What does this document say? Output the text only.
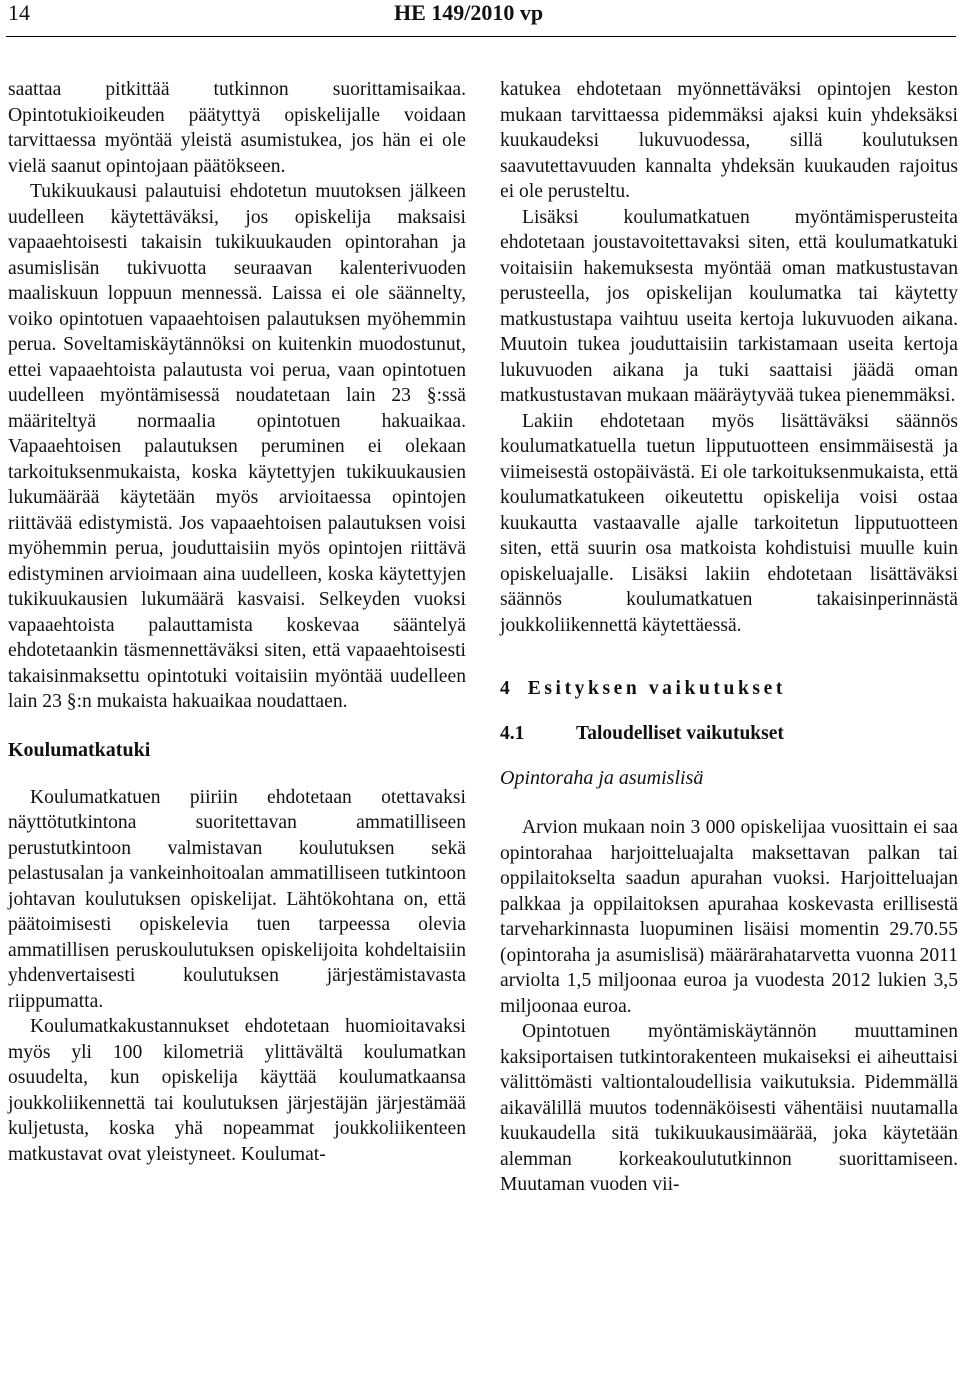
14	HE 149/2010 vp

saattaa pitkittää tutkinnon suorittamisaikaa. Opintotukioikeuden päätyttyä opiskelijalle voidaan tarvittaessa myöntää yleistä asumistukea, jos hän ei ole vielä saanut opintojaan päätökseen.

Tukikuukausi palautuisi ehdotetun muutoksen jälkeen uudelleen käytettäväksi, jos opiskelija maksaisi vapaaehtoisesti takaisin tukikuukauden opintorahan ja asumislisän tukivuotta seuraavan kalenterivuoden maaliskuun loppuun mennessä. Laissa ei ole säännelty, voiko opintotuen vapaaehtoisen palautuksen myöhemmin perua. Soveltamiskäytännöksi on kuitenkin muodostunut, ettei vapaaehtoista palautusta voi perua, vaan opintotuen uudelleen myöntämisessä noudatetaan lain 23 §:ssä määriteltyä normaalia opintotuen hakuaikaa. Vapaaehtoisen palautuksen peruminen ei olekaan tarkoituksenmukaista, koska käytettyjen tukikuukausien lukumäärää käytetään myös arvioitaessa opintojen riittävää edistymistä. Jos vapaaehtoisen palautuksen voisi myöhemmin perua, jouduttaisiin myös opintojen riittävä edistyminen arvioimaan aina uudelleen, koska käytettyjen tukikuukausien lukumäärä kasvaisi. Selkeyden vuoksi vapaaehtoista palauttamista koskevaa sääntelyä ehdotetaankin täsmennettäväksi siten, että vapaaehtoisesti takaisinmaksettu opintotuki voitaisiin myöntää uudelleen lain 23 §:n mukaista hakuaikaa noudattaen.

Koulumatkatuki

Koulumatkatuen piiriin ehdotetaan otettavaksi näyttötutkintona suoritettavan ammatilliseen perustutkintoon valmistavan koulutuksen sekä pelastusalan ja vankeinhoitoalan ammatilliseen tutkintoon johtavan koulutuksen opiskelijat. Lähtökohtana on, että päätoimisesti opiskelevia tuen tarpeessa olevia ammatillisen peruskoulutuksen opiskelijoita kohdeltaisiin yhdenvertaisesti koulutuksen järjestämistavasta riippumatta.

Koulumatkakustannukset ehdotetaan huomioitavaksi myös yli 100 kilometriä ylittävältä koulumatkan osuudelta, kun opiskelija käyttää koulumatkaansa joukkoliikennettä tai koulutuksen järjestäjän järjestämää kuljetusta, koska yhä nopeammat joukkoliikenteen matkustavat ovat yleistyneet. Koulumat-

katukea ehdotetaan myönnettäväksi opintojen keston mukaan tarvittaessa pidemmäksi ajaksi kuin yhdeksäksi kuukaudeksi lukuvuodessa, sillä koulutuksen saavutettavuuden kannalta yhdeksän kuukauden rajoitus ei ole perusteltu.

Lisäksi koulumatkatuen myöntämisperusteita ehdotetaan joustavoitettavaksi siten, että koulumatkatuki voitaisiin hakemuksesta myöntää oman matkustustavan perusteella, jos opiskelijan koulumatka tai käytetty matkustustapa vaihtuu useita kertoja lukuvuoden aikana. Muutoin tukea jouduttaisiin tarkistamaan useita kertoja lukuvuoden aikana ja tuki saattaisi jäädä oman matkustustavan mukaan määräytyvää tukea pienemmäksi.

Lakiin ehdotetaan myös lisättäväksi säännös koulumatkatuella tuetun lipputuotteen ensimmäisestä ja viimeisestä ostopäivästä. Ei ole tarkoituksenmukaista, että koulumatkatukeen oikeutettu opiskelija voisi ostaa kuukautta vastaavalle ajalle tarkoitetun lipputuotteen siten, että suurin osa matkoista kohdistuisi muulle kuin opiskeluajalle. Lisäksi lakiin ehdotetaan lisättäväksi säännös koulumatkatuen takaisinperinnästä joukkoliikennettä käytettäessä.

4 Esityksen vaikutukset
4.1	Taloudelliset vaikutukset
Opintoraha ja asumislisä

Arvion mukaan noin 3 000 opiskelijaa vuosittain ei saa opintorahaa harjoitteluajalta maksettavan palkan tai oppilaitokselta saadun apurahan vuoksi. Harjoitteluajan palkkaa ja oppilaitoksen apurahaa koskevasta erillisestä tarveharkinnasta luopuminen lisäisi momentin 29.70.55 (opintoraha ja asumislisä) määrärahatarvetta vuonna 2011 arviolta 1,5 miljoonaa euroa ja vuodesta 2012 lukien 3,5 miljoonaa euroa.

Opintotuen myöntämiskäytännön muuttaminen kaksiportaisen tutkintorakenteen mukaiseksi ei aiheuttaisi välittömästi valtiontaloudellisia vaikutuksia. Pidemmällä aikavälillä muutos todennäköisesti vähentäisi nuutamalla kuukaudella sitä tukikuukausimäärää, joka käytetään alemman korkeakoulututkinnon suorittamiseen. Muutaman vuoden vii-
